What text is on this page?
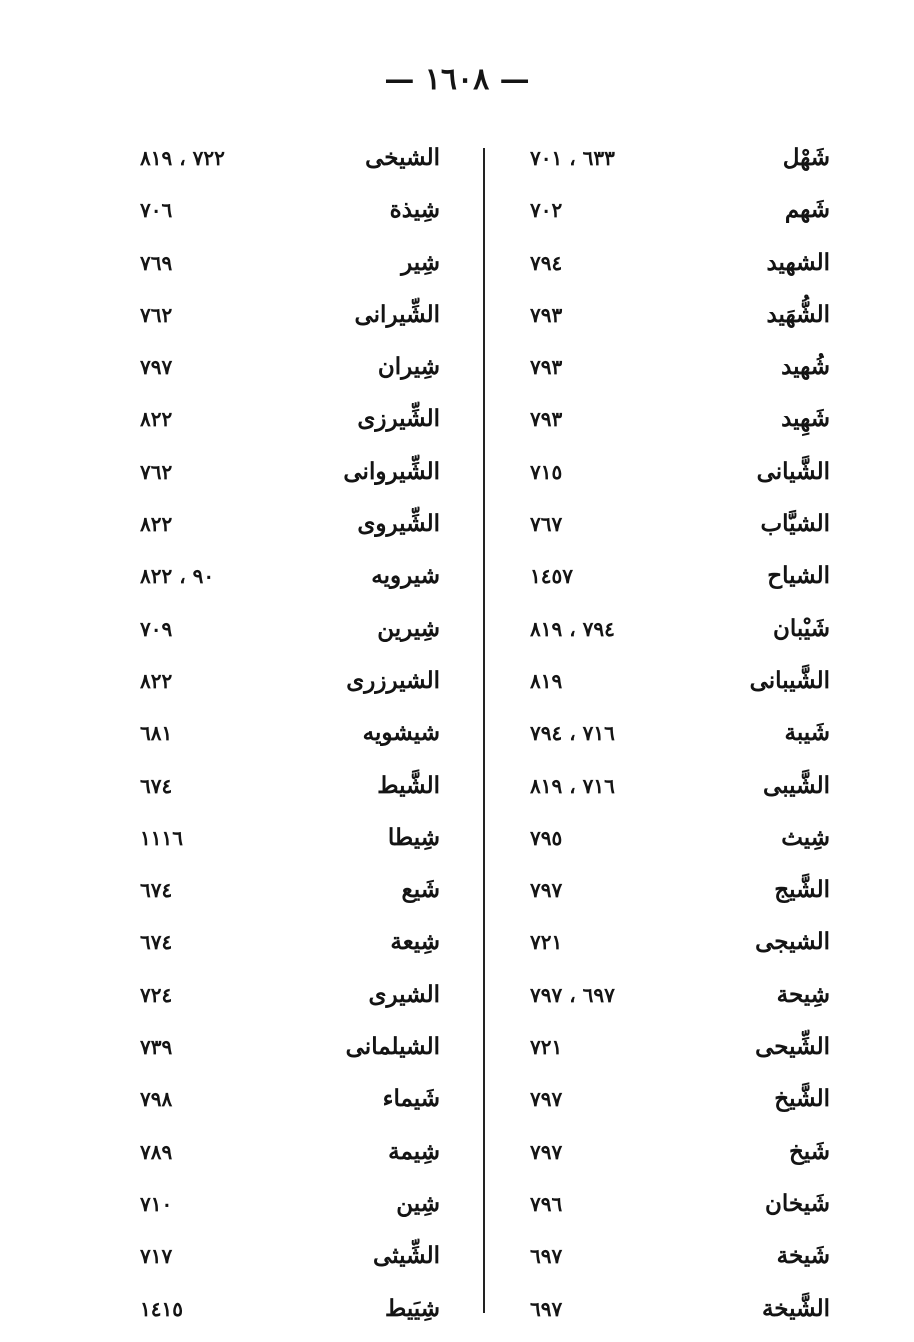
— ١٦٠٨ —
شَهْل
٦٣٣ ، ٧٠١
شَهم
٧٠٢
الشهيد
٧٩٤
الشُّهَيد
٧٩٣
شُهيد
٧٩٣
شَهِيد
٧٩٣
الشَّيانى
٧١٥
الشيَّاب
٧٦٧
الشياح
١٤٥٧
شَيْبان
٧٩٤ ، ٨١٩
الشَّيبانى
٨١٩
شَيبة
٧١٦ ، ٧٩٤
الشَّيبى
٧١٦ ، ٨١٩
شِيث
٧٩٥
الشَّيج
٧٩٧
الشيجى
٧٢١
شِيحة
٦٩٧ ، ٧٩٧
الشِّيحى
٧٢١
الشَّيخ
٧٩٧
شَيخ
٧٩٧
شَيخان
٧٩٦
شَيخة
٦٩٧
الشَّيخة
٦٩٧
الشيخى
٧٢٢ ، ٨١٩
شِيذة
٧٠٦
شِير
٧٦٩
الشِّيرانى
٧٦٢
شِيران
٧٩٧
الشِّيرزى
٨٢٢
الشِّيروانى
٧٦٢
الشِّيروى
٨٢٢
شيرويه
٩٠ ، ٨٢٢
شِيرين
٧٠٩
الشيرزرى
٨٢٢
شيشويه
٦٨١
الشَّيط
٦٧٤
شِيطا
١١١٦
شَيع
٦٧٤
شِيعة
٦٧٤
الشيرى
٧٢٤
الشيلمانى
٧٣٩
شَيماء
٧٩٨
شِيمة
٧٨٩
شِين
٧١٠
الشِّيثى
٧١٧
شِيَيط
١٤١٥
